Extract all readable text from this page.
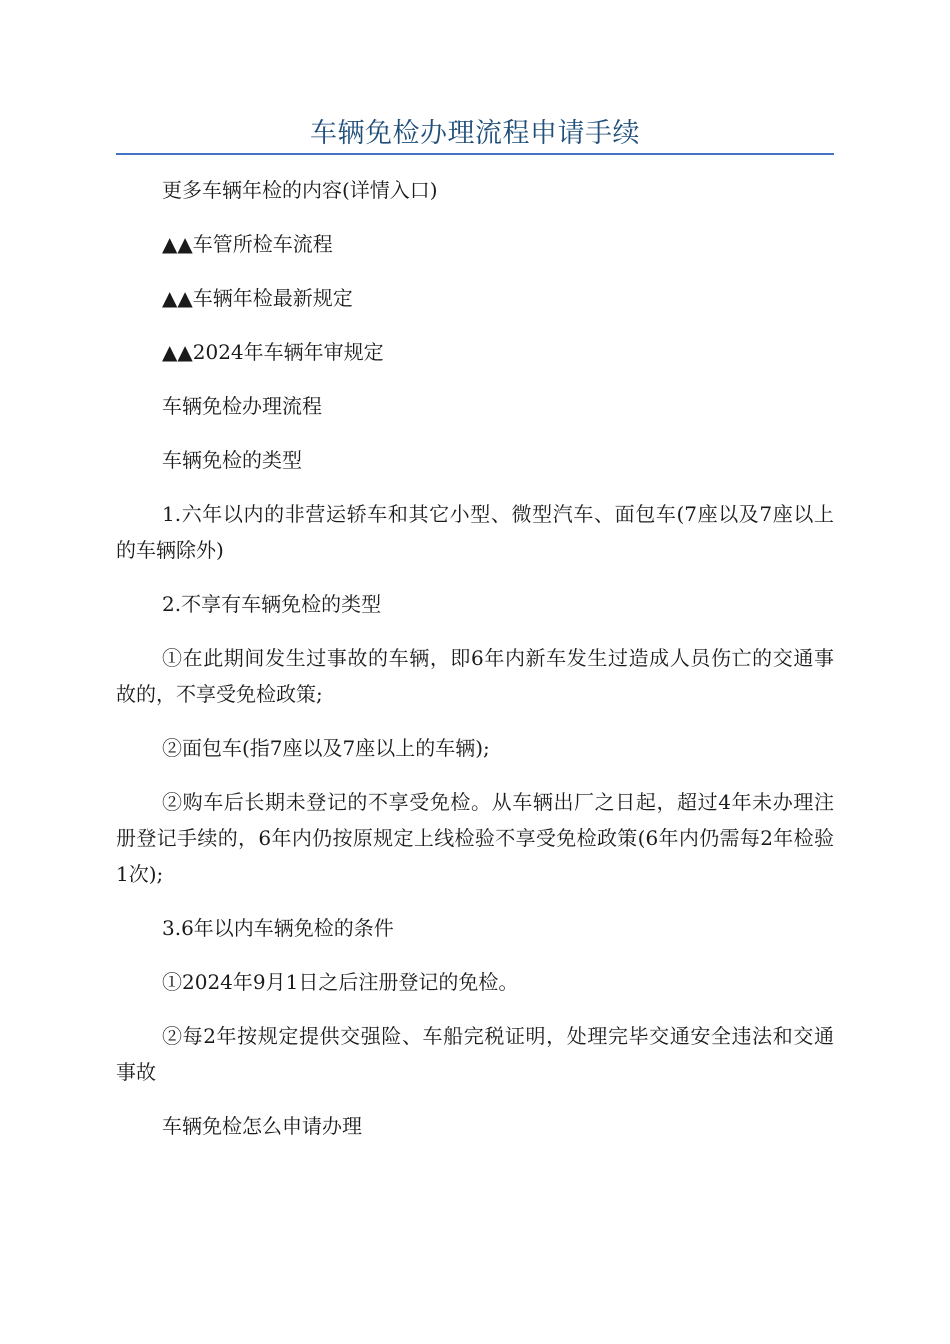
车辆免检办理流程申请手续

更多车辆年检的内容(详情入口)

▲▲车管所检车流程

▲▲车辆年检最新规定

▲▲2024年车辆年审规定

车辆免检办理流程

车辆免检的类型

1.六年以内的非营运轿车和其它小型、微型汽车、面包车(7座以及7座以上的车辆除外)

2.不享有车辆免检的类型

①在此期间发生过事故的车辆，即6年内新车发生过造成人员伤亡的交通事故的，不享受免检政策;

②面包车(指7座以及7座以上的车辆);

②购车后长期未登记的不享受免检。从车辆出厂之日起，超过4年未办理注册登记手续的，6年内仍按原规定上线检验不享受免检政策(6年内仍需每2年检验1次);

3.6年以内车辆免检的条件

①2024年9月1日之后注册登记的免检。

②每2年按规定提供交强险、车船完税证明，处理完毕交通安全违法和交通事故

车辆免检怎么申请办理
